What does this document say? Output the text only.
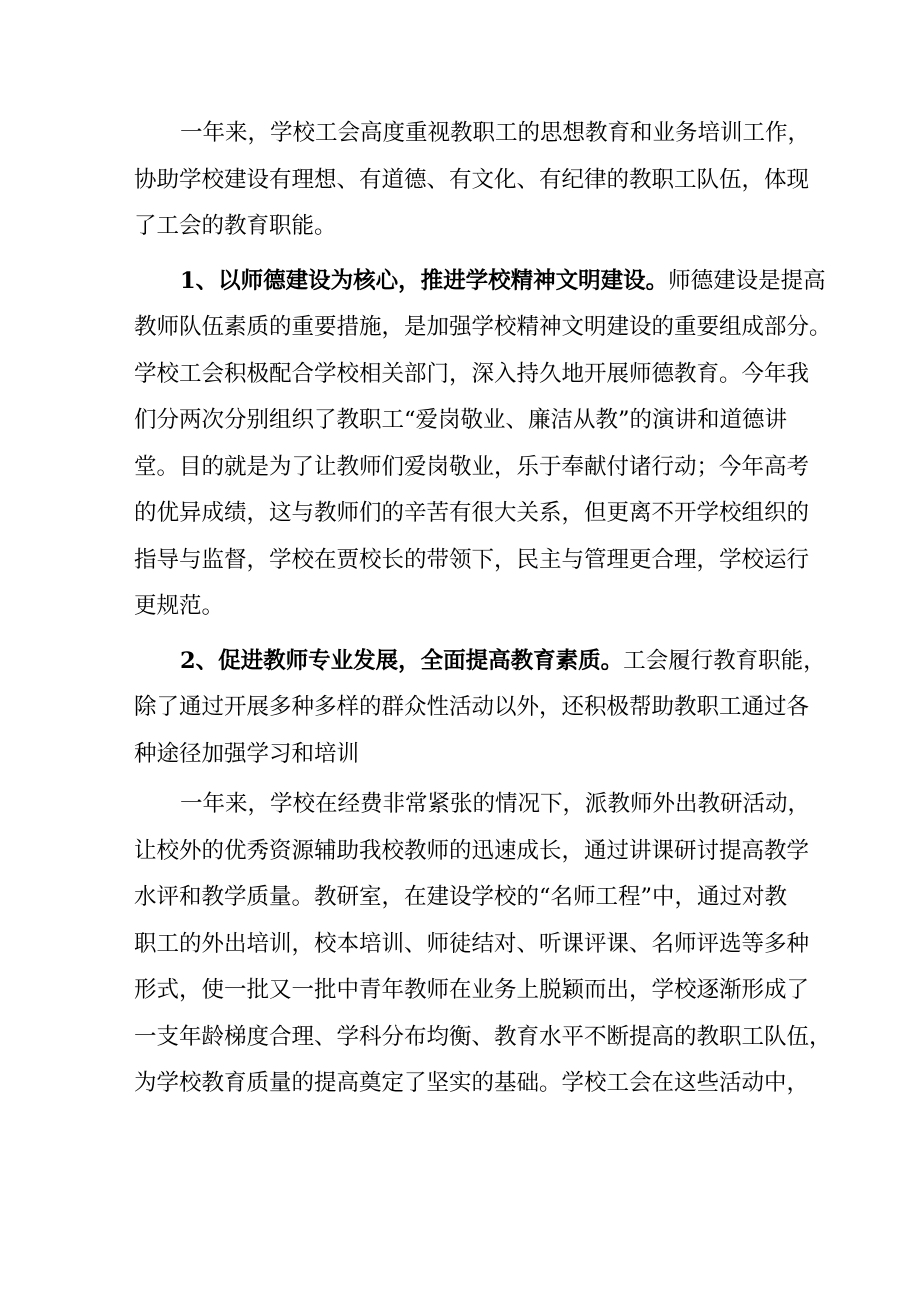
一年来，学校工会高度重视教职工的思想教育和业务培训工作，
协助学校建设有理想、有道德、有文化、有纪律的教职工队伍，体现
了工会的教育职能。
1、以师德建设为核心，推进学校精神文明建设。师德建设是提高
教师队伍素质的重要措施，是加强学校精神文明建设的重要组成部分。
学校工会积极配合学校相关部门，深入持久地开展师德教育。今年我
们分两次分别组织了教职工“爱岗敬业、廉洁从教”的演讲和道德讲
堂。目的就是为了让教师们爱岗敬业，乐于奉献付诸行动；今年高考
的优异成绩，这与教师们的辛苦有很大关系，但更离不开学校组织的
指导与监督，学校在贾校长的带领下，民主与管理更合理，学校运行
更规范。
2、促进教师专业发展，全面提高教育素质。工会履行教育职能，
除了通过开展多种多样的群众性活动以外，还积极帮助教职工通过各
种途径加强学习和培训
一年来，学校在经费非常紧张的情况下，派教师外出教研活动，
让校外的优秀资源辅助我校教师的迅速成长，通过讲课研讨提高教学
水评和教学质量。教研室，在建设学校的“名师工程”中，通过对教
职工的外出培训，校本培训、师徒结对、听课评课、名师评选等多种
形式，使一批又一批中青年教师在业务上脱颖而出，学校逐渐形成了
一支年龄梯度合理、学科分布均衡、教育水平不断提高的教职工队伍，
为学校教育质量的提高奠定了坚实的基础。学校工会在这些活动中，
